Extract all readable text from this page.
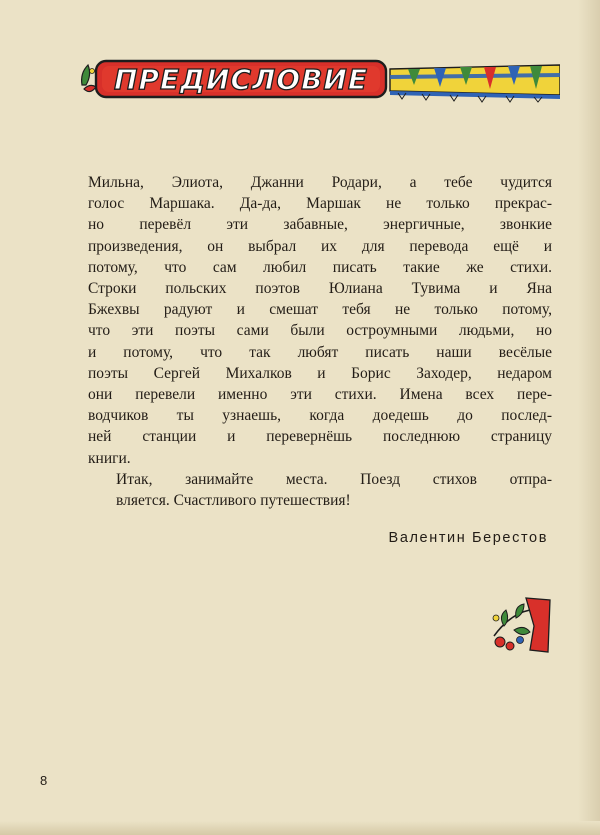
ПРЕДИСЛОВИЕ

Мильна, Элиота, Джанни Родари, а тебе чудится
голос Маршака. Да-да, Маршак не только прекрас-
но перевёл эти забавные, энергичные, звонкие
произведения, он выбрал их для перевода ещё и
потому, что сам любил писать такие же стихи.
Строки польских поэтов Юлиана Тувима и Яна
Бжехвы радуют и смешат тебя не только потому,
что эти поэты сами были остроумными людьми, но
и потому, что так любят писать наши весёлые
поэты Сергей Михалков и Борис Заходер, недаром
они перевели именно эти стихи. Имена всех пере-
водчиков ты узнаешь, когда доедешь до послед-
ней станции и перевернёшь последнюю страницу
книги.

Итак, занимайте места. Поезд стихов отпра-
вляется. Счастливого путешествия!

Валентин Берестов
8
